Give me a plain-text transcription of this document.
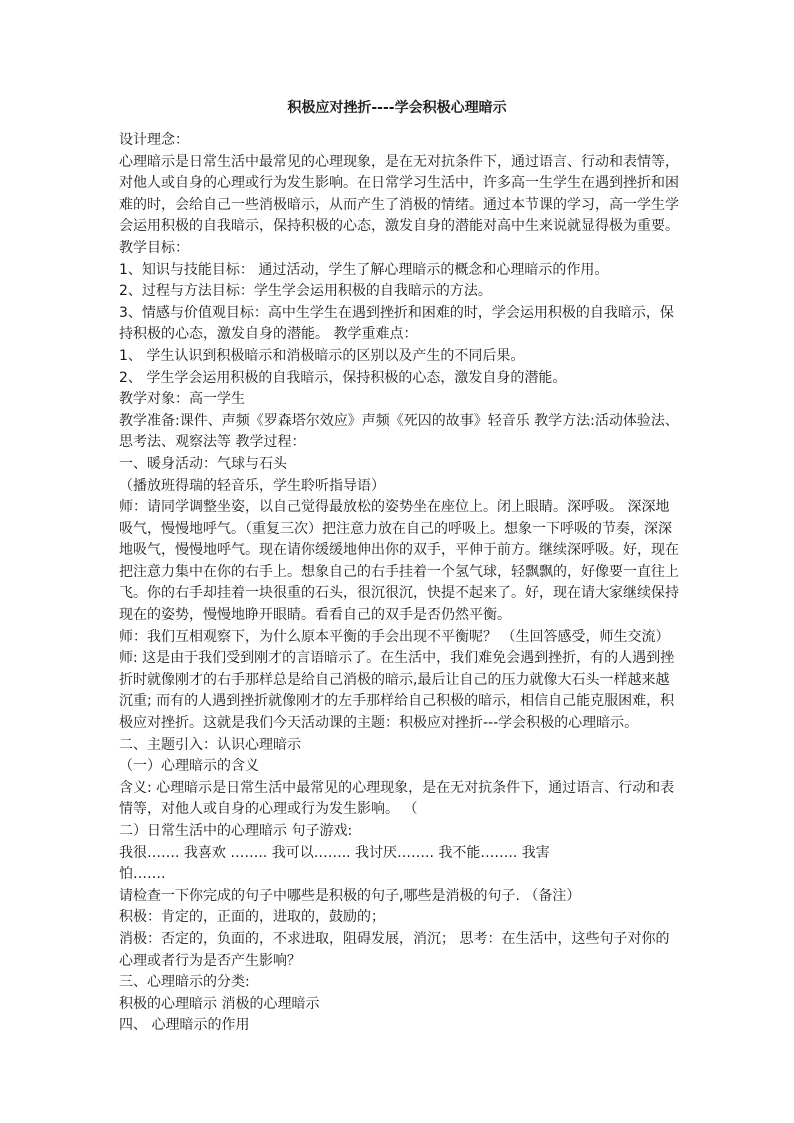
积极应对挫折----学会积极心理暗示
设计理念：
心理暗示是日常生活中最常见的心理现象，是在无对抗条件下，通过语言、行动和表情等，
对他人或自身的心理或行为发生影响。在日常学习生活中，许多高一生学生在遇到挫折和困
难的时，会给自己一些消极暗示，从而产生了消极的情绪。通过本节课的学习，高一学生学
会运用积极的自我暗示，保持积极的心态，激发自身的潜能对高中生来说就显得极为重要。
教学目标：
1、知识与技能目标： 通过活动，学生了解心理暗示的概念和心理暗示的作用。
2、过程与方法目标：学生学会运用积极的自我暗示的方法。
3、情感与价值观目标：高中生学生在遇到挫折和困难的时，学会运用积极的自我暗示，保
持积极的心态，激发自身的潜能。 教学重难点：
1、 学生认识到积极暗示和消极暗示的区别以及产生的不同后果。
2、 学生学会运用积极的自我暗示，保持积极的心态，激发自身的潜能。
教学对象：高一学生
教学准备:课件、声频《罗森塔尔效应》声频《死囚的故事》轻音乐 教学方法:活动体验法、
思考法、观察法等 教学过程：
一、暖身活动：气球与石头
（播放班得瑞的轻音乐，学生聆听指导语）
师：请同学调整坐姿，以自己觉得最放松的姿势坐在座位上。闭上眼睛。深呼吸。 深深地
吸气，慢慢地呼气。（重复三次）把注意力放在自己的呼吸上。想象一下呼吸的节奏，深深
地吸气，慢慢地呼气。现在请你缓缓地伸出你的双手，平伸于前方。继续深呼吸。好，现在
把注意力集中在你的右手上。想象自己的右手挂着一个氢气球，轻飘飘的，好像要一直往上
飞。你的右手却挂着一块很重的石头，很沉很沉，快提不起来了。好，现在请大家继续保持
现在的姿势，慢慢地睁开眼睛。看看自己的双手是否仍然平衡。
师：我们互相观察下，为什么原本平衡的手会出现不平衡呢？ （生回答感受，师生交流）
师: 这是由于我们受到刚才的言语暗示了。在生活中，我们难免会遇到挫折，有的人遇到挫
折时就像刚才的右手那样总是给自己消极的暗示,最后让自己的压力就像大石头一样越来越
沉重; 而有的人遇到挫折就像刚才的左手那样给自己积极的暗示，相信自己能克服困难，积
极应对挫折。这就是我们今天活动课的主题：积极应对挫折---学会积极的心理暗示。
二、主题引入：认识心理暗示
（一）心理暗示的含义
含义: 心理暗示是日常生活中最常见的心理现象，是在无对抗条件下，通过语言、行动和表
情等，对他人或自身的心理或行为发生影响。 （
二）日常生活中的心理暗示 句子游戏:
我很……. 我喜欢 …….. 我可以…….. 我讨厌…….. 我不能…….. 我害
怕…….
请检查一下你完成的句子中哪些是积极的句子,哪些是消极的句子. （备注）
积极：肯定的，正面的，进取的，鼓励的；
消极：否定的，负面的，不求进取，阻碍发展，消沉； 思考：在生活中，这些句子对你的
心理或者行为是否产生影响？
三、心理暗示的分类:
积极的心理暗示 消极的心理暗示
四、 心理暗示的作用
